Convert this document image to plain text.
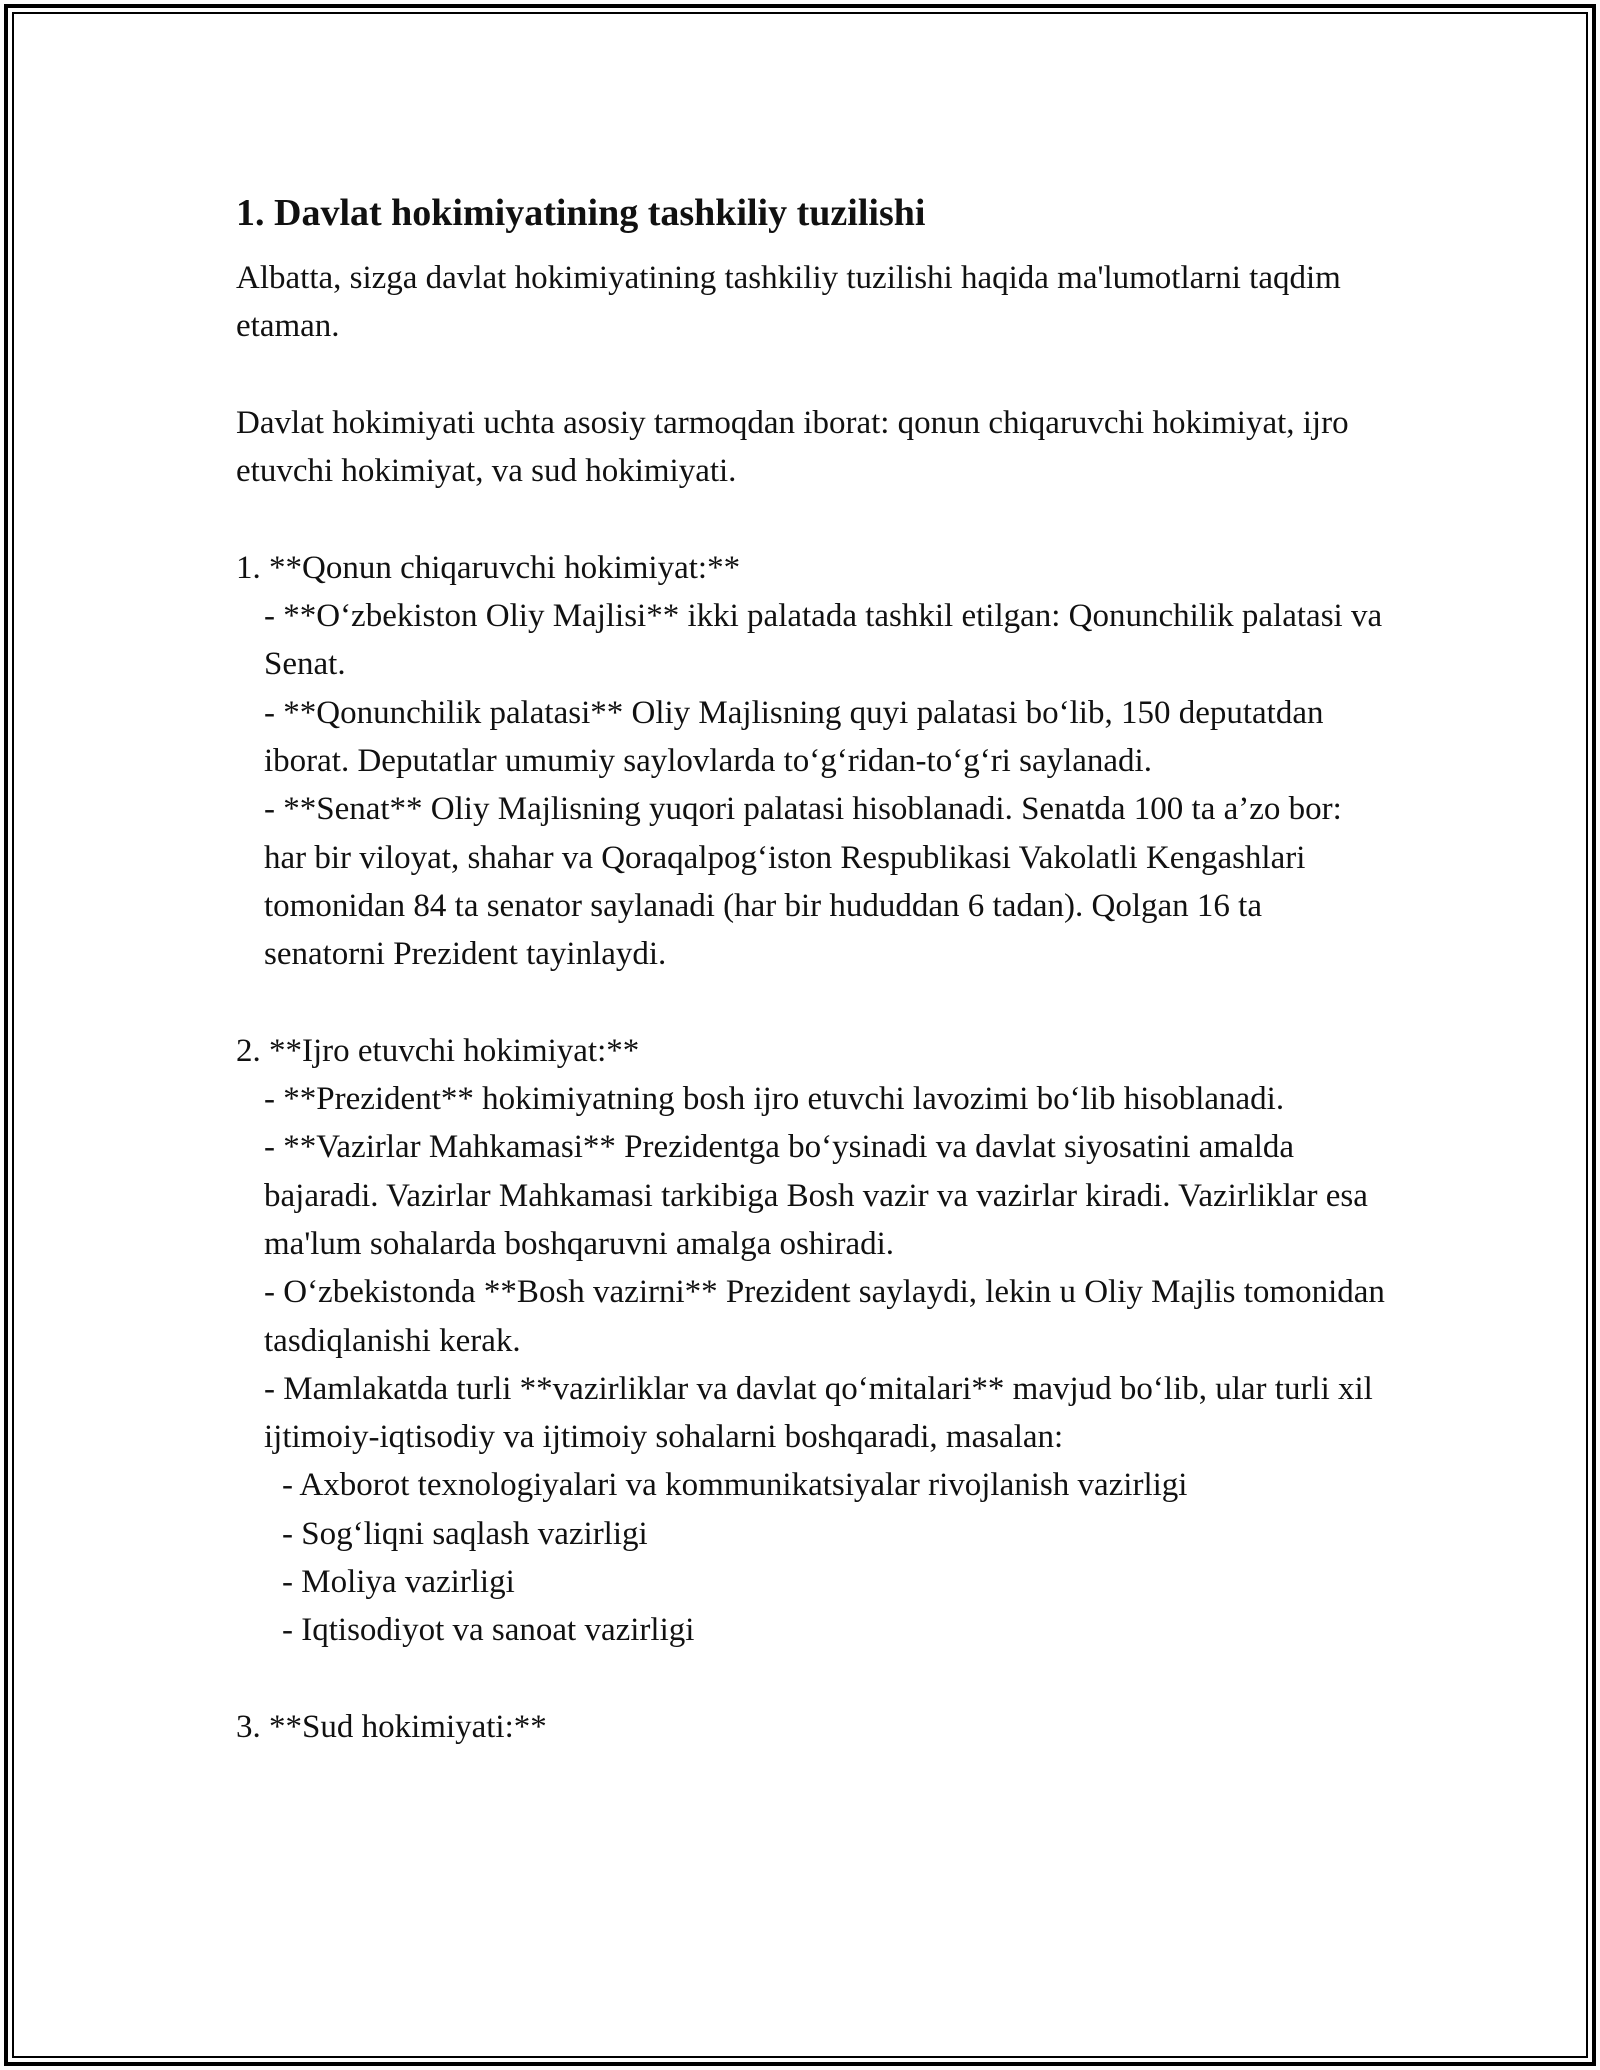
1. Davlat hokimiyatining tashkiliy tuzilishi
Albatta, sizga davlat hokimiyatining tashkiliy tuzilishi haqida ma'lumotlarni taqdim etaman.
Davlat hokimiyati uchta asosiy tarmoqdan iborat: qonun chiqaruvchi hokimiyat, ijro etuvchi hokimiyat, va sud hokimiyati.
1. **Qonun chiqaruvchi hokimiyat:**
- **O‘zbekiston Oliy Majlisi** ikki palatada tashkil etilgan: Qonunchilik palatasi va Senat.
- **Qonunchilik palatasi** Oliy Majlisning quyi palatasi bo‘lib, 150 deputatdan iborat. Deputatlar umumiy saylovlarda to‘g‘ridan-to‘g‘ri saylanadi.
- **Senat** Oliy Majlisning yuqori palatasi hisoblanadi. Senatda 100 ta a’zo bor: har bir viloyat, shahar va Qoraqalpog‘iston Respublikasi Vakolatli Kengashlari tomonidan 84 ta senator saylanadi (har bir hududdan 6 tadan). Qolgan 16 ta senatorni Prezident tayinlaydi.
2. **Ijro etuvchi hokimiyat:**
- **Prezident** hokimiyatning bosh ijro etuvchi lavozimi bo‘lib hisoblanadi.
- **Vazirlar Mahkamasi** Prezidentga bo‘ysinadi va davlat siyosatini amalda bajaradi. Vazirlar Mahkamasi tarkibiga Bosh vazir va vazirlar kiradi. Vazirliklar esa ma'lum sohalarda boshqaruvni amalga oshiradi.
- O‘zbekistonda **Bosh vazirni** Prezident saylaydi, lekin u Oliy Majlis tomonidan tasdiqlanishi kerak.
- Mamlakatda turli **vazirliklar va davlat qo‘mitalari** mavjud bo‘lib, ular turli xil ijtimoiy-iqtisodiy va ijtimoiy sohalarni boshqaradi, masalan:
- Axborot texnologiyalari va kommunikatsiyalar rivojlanish vazirligi
- Sog‘liqni saqlash vazirligi
- Moliya vazirligi
- Iqtisodiyot va sanoat vazirligi
3. **Sud hokimiyati:**
